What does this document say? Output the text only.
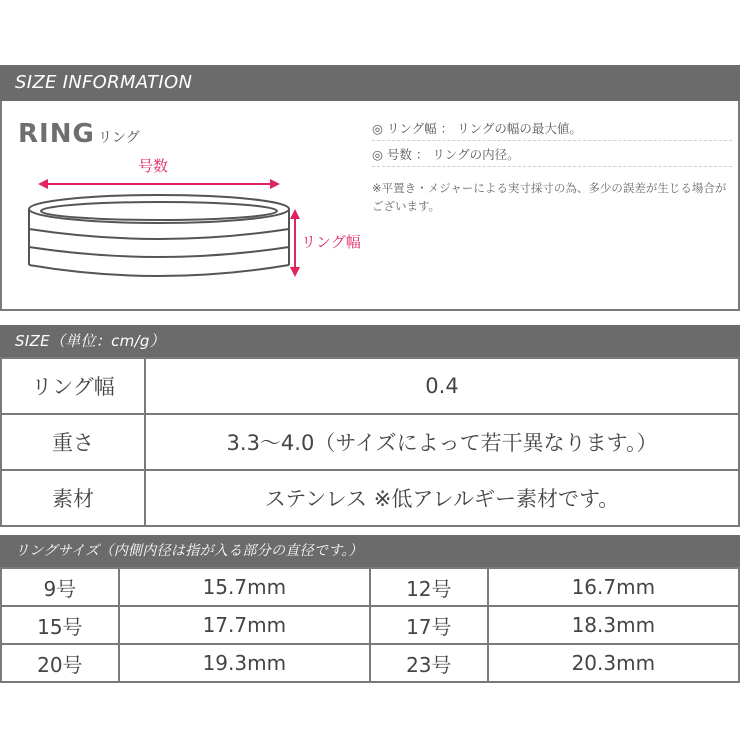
SIZE INFORMATION
RING リング
号数
リング幅
◎ リング幅 ： リングの幅の最大値。
◎ 号数 ： リングの内径。
※平置き・メジャーによる実寸採寸の為、多少の誤差が生じる場合がございます。
SIZE（単位：cm/g）
リング幅	0.4
重さ	3.3～4.0（サイズによって若干異なります。）
素材	ステンレス ※低アレルギー素材です。
リングサイズ（内側内径は指が入る部分の直径です。）
9号	15.7mm	12号	16.7mm
15号	17.7mm	17号	18.3mm
20号	19.3mm	23号	20.3mm
